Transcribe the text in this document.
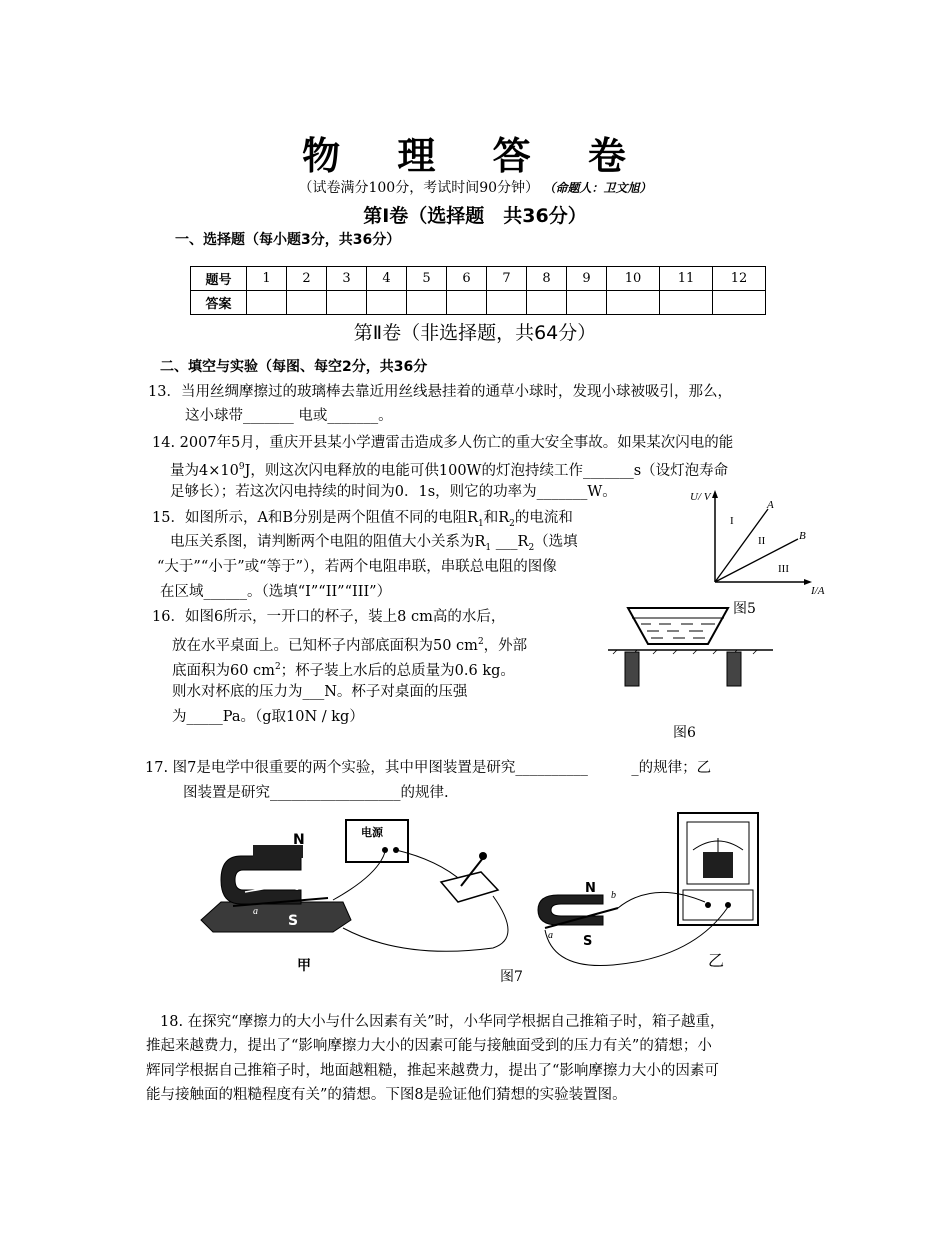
物 理 答 卷
（试卷满分100分，考试时间90分钟） （命题人：卫文旭）
第Ⅰ卷（选择题　共36分）
一、选择题（每小题3分，共36分）
题号	1	2	3	4	5	6	7	8	9	10	11	12
答案												
第Ⅱ卷（非选择题，共64分）
二、填空与实验（每图、每空2分，共36分
13．当用丝绸摩擦过的玻璃棒去靠近用丝线悬挂着的通草小球时，发现小球被吸引，那么，
这小球带_______ 电或_______。
14. 2007年5月，重庆开县某小学遭雷击造成多人伤亡的重大安全事故。如果某次闪电的能
量为$4\times 10^9J$，则这次闪电释放的电能可供100W的灯泡持续工作_______s（设灯泡寿命
足够长）；若这次闪电持续的时间为0．1s，则它的功率为_______W。
15．如图所示，A和B分别是两个阻值不同的电阻$R_1$和$R_2$的电流和
电压关系图，请判断两个电阻的阻值大小关系为$R_1$ $\_\_\_R_2$（选填
“大于”“小于”或“等于”），若两个电阻串联，串联总电阻的图像
在区域______。（选填“I”“II”“III”）
U/ V
I/A
A
B
I
II
III
图5
16．如图6所示，一开口的杯子，装上8 cm高的水后，
放在水平桌面上。已知杯子内部底面积为50 $cm^2$，外部
底面积为60 $cm^2$；杯子装上水后的总质量为0.6 kg。
则水对杯底的压力为___N。杯子对桌面的压强
为_____Pa。（g取10N / kg）
图6
17. 图7是电学中很重要的两个实验，其中甲图装置是研究__________　　　_的规律；乙
图装置是研究__________________的规律.
N
S
a
b
电源
甲
N
S
a
b
乙
图7
18. 在探究“摩擦力的大小与什么因素有关”时，小华同学根据自己推箱子时，箱子越重，
推起来越费力，提出了“影响摩擦力大小的因素可能与接触面受到的压力有关”的猜想；小
辉同学根据自己推箱子时，地面越粗糙，推起来越费力，提出了“影响摩擦力大小的因素可
能与接触面的粗糙程度有关”的猜想。下图8是验证他们猜想的实验装置图。
